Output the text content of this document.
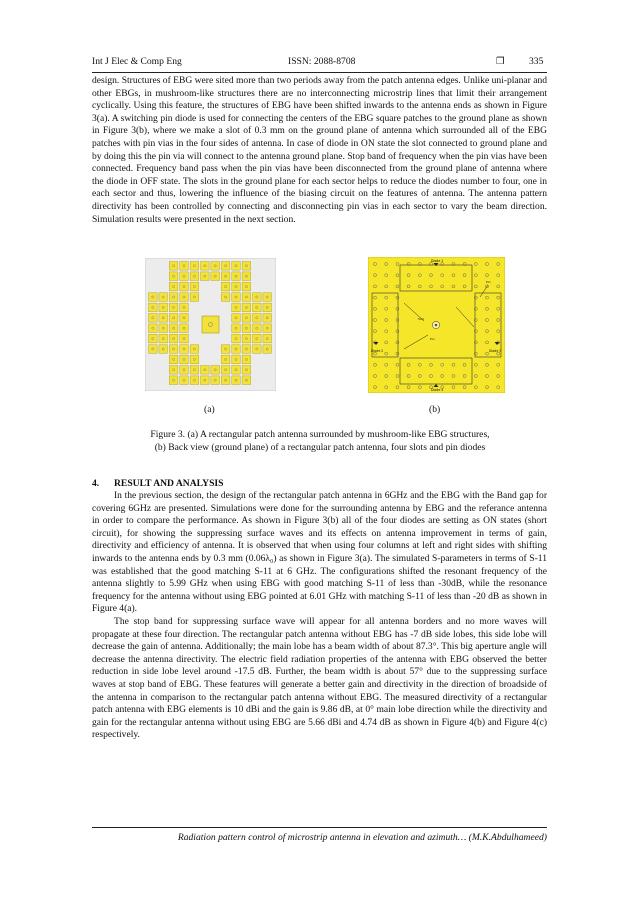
Int J Elec & Comp Eng	ISSN: 2088-8708	❒	335

design. Structures of EBG were sited more than two periods away from the patch antenna edges. Unlike uni-planar and other EBGs, in mushroom-like structures there are no interconnecting microstrip lines that limit their arrangement cyclically. Using this feature, the structures of EBG have been shifted inwards to the antenna ends as shown in Figure 3(a). A switching pin diode is used for connecting the centers of the EBG square patches to the ground plane as shown in Figure 3(b), where we make a slot of 0.3 mm on the ground plane of antenna which surrounded all of the EBG patches with pin vias in the four sides of antenna. In case of diode in ON state the slot connected to ground plane and by doing this the pin via will connect to the antenna ground plane. Stop band of frequency when the pin vias have been connected. Frequency band pass when the pin vias have been disconnected from the ground plane of antenna where the diode in OFF state. The slots in the ground plane for each sector helps to reduce the diodes number to four, one in each sector and thus, lowering the influence of the biasing circuit on the features of antenna. The antenna pattern directivity has been controlled by connecting and disconnecting pin vias in each sector to vary the beam direction. Simulation results were presented in the next section.

Slot
Pin
Pin
Diode 1
Diode 2	Diode 3
Diode 4
(a)	(b)
Figure 3. (a) A rectangular patch antenna surrounded by mushroom-like EBG structures,
(b) Back view (ground plane) of a rectangular patch antenna, four slots and pin diodes
4. RESULT AND ANALYSIS

In the previous section, the design of the rectangular patch antenna in 6GHz and the EBG with the Band gap for covering 6GHz are presented. Simulations were done for the surrounding antenna by EBG and the referance antenna in order to compare the performance. As shown in Figure 3(b) all of the four diodes are setting as ON states (short circuit), for showing the suppressing surface waves and its effects on antenna improvement in terms of gain, directivity and efficiency of antenna. It is observed that when using four columns at left and right sides with shifting inwards to the antenna ends by 0.3 mm (0.06λ₀) as shown in Figure 3(a). The simulated S-parameters in terms of S-11 was established that the good matching S-11 at 6 GHz. The configurations shifted the resonant frequency of the antenna slightly to 5.99 GHz when using EBG with good matching S-11 of less than -30dB, while the resonance frequency for the antenna without using EBG pointed at 6.01 GHz with matching S-11 of less than -20 dB as shown in Figure 4(a).

The stop band for suppressing surface wave will appear for all antenna borders and no more waves will propagate at these four direction. The rectangular patch antenna without EBG has -7 dB side lobes, this side lobe will decrease the gain of antenna. Additionally; the main lobe has a beam width of about 87.3°. This big aperture angle will decrease the antenna directivity. The electric field radiation properties of the antenna with EBG observed the better reduction in side lobe level around -17.5 dB. Further, the beam width is about 57° due to the suppressing surface waves at stop band of EBG. These features will generate a better gain and directivity in the direction of broadside of the antenna in comparison to the rectangular patch antenna without EBG. The measured directivity of a rectangular patch antenna with EBG elements is 10 dBi and the gain is 9.86 dB, at 0° main lobe direction while the directivity and gain for the rectangular antenna without using EBG are 5.66 dBi and 4.74 dB as shown in Figure 4(b) and Figure 4(c) respectively.

Radiation pattern control of microstrip antenna in elevation and azimuth… (M.K.Abdulhameed)
